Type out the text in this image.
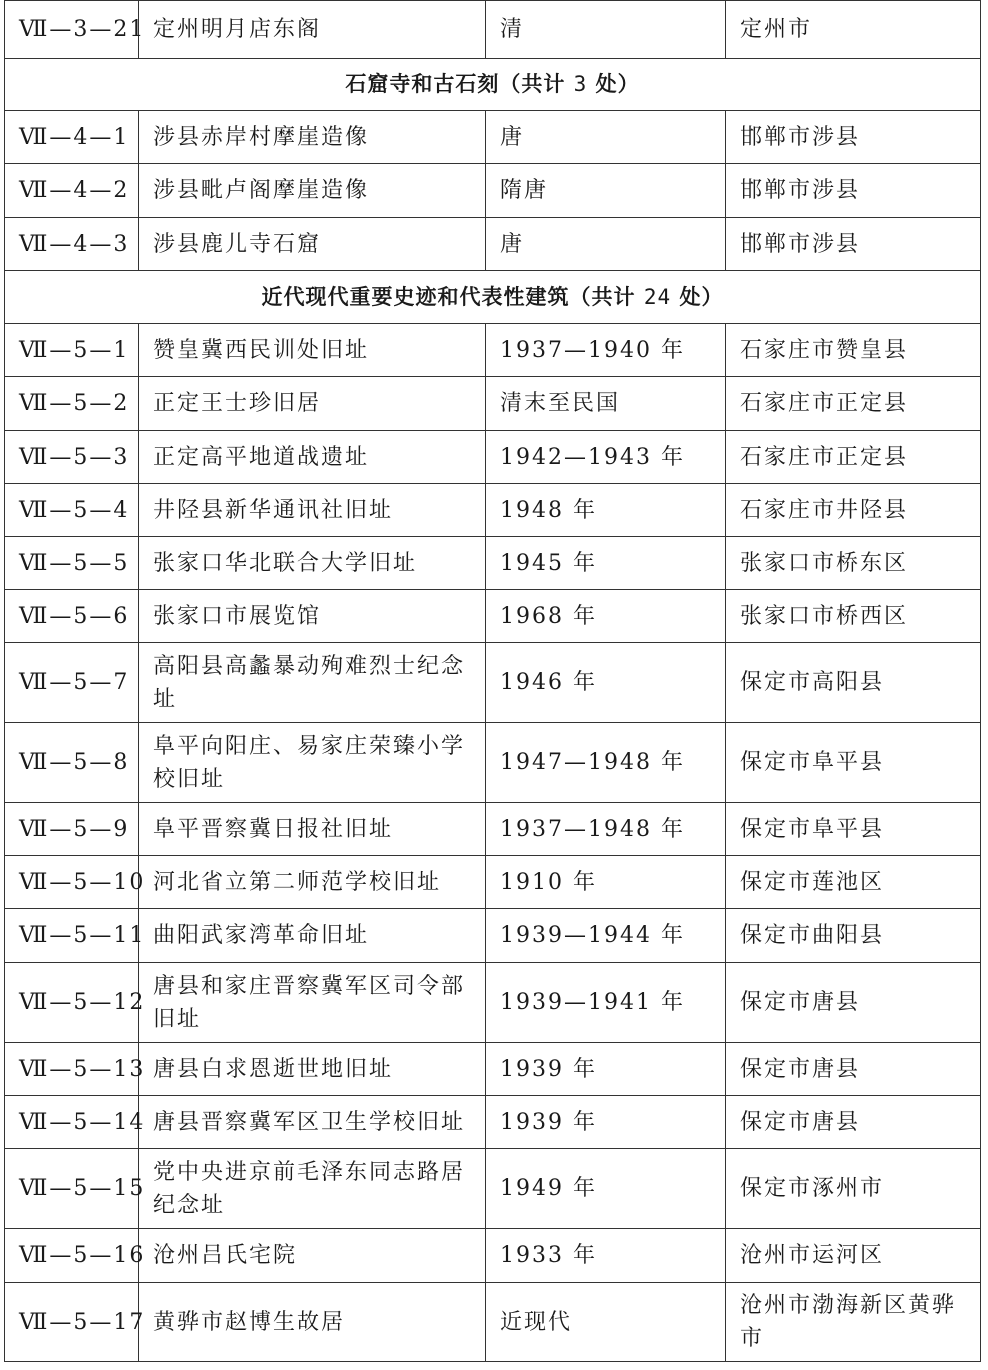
Ⅶ—3—21	定州明月店东阁	清	定州市
石窟寺和古石刻（共计 3 处）			
Ⅶ—4—1	涉县赤岸村摩崖造像	唐	邯郸市涉县
Ⅶ—4—2	涉县毗卢阁摩崖造像	隋唐	邯郸市涉县
Ⅶ—4—3	涉县鹿儿寺石窟	唐	邯郸市涉县
近代现代重要史迹和代表性建筑（共计 24 处）			
Ⅶ—5—1	赞皇冀西民训处旧址	1937—1940 年	石家庄市赞皇县
Ⅶ—5—2	正定王士珍旧居	清末至民国	石家庄市正定县
Ⅶ—5—3	正定高平地道战遗址	1942—1943 年	石家庄市正定县
Ⅶ—5—4	井陉县新华通讯社旧址	1948 年	石家庄市井陉县
Ⅶ—5—5	张家口华北联合大学旧址	1945 年	张家口市桥东区
Ⅶ—5—6	张家口市展览馆	1968 年	张家口市桥西区
Ⅶ—5—7	高阳县高蠡暴动殉难烈士纪念址	1946 年	保定市高阳县
Ⅶ—5—8	阜平向阳庄、易家庄荣臻小学校旧址	1947—1948 年	保定市阜平县
Ⅶ—5—9	阜平晋察冀日报社旧址	1937—1948 年	保定市阜平县
Ⅶ—5—10	河北省立第二师范学校旧址	1910 年	保定市莲池区
Ⅶ—5—11	曲阳武家湾革命旧址	1939—1944 年	保定市曲阳县
Ⅶ—5—12	唐县和家庄晋察冀军区司令部旧址	1939—1941 年	保定市唐县
Ⅶ—5—13	唐县白求恩逝世地旧址	1939 年	保定市唐县
Ⅶ—5—14	唐县晋察冀军区卫生学校旧址	1939 年	保定市唐县
Ⅶ—5—15	党中央进京前毛泽东同志路居纪念址	1949 年	保定市涿州市
Ⅶ—5—16	沧州吕氏宅院	1933 年	沧州市运河区
Ⅶ—5—17	黄骅市赵博生故居	近现代	沧州市渤海新区黄骅市
